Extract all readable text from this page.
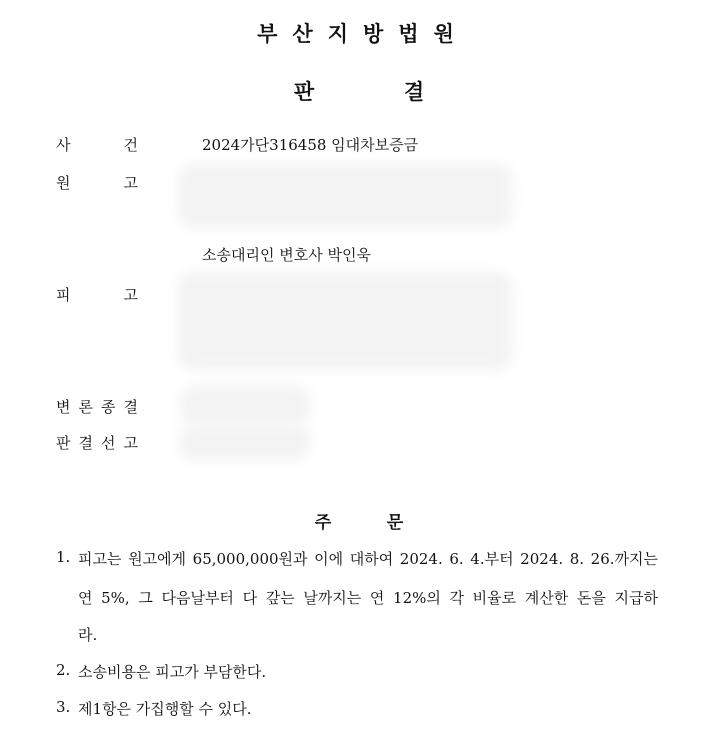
부산지방법원
판	결
사	건	2024가단316458 임대차보증금
원	고
소송대리인 변호사 박인욱
피	고
변 론 종 결
판 결 선 고
주	문
1. 피고는 원고에게 65,000,000원과 이에 대하여 2024. 6. 4.부터 2024. 8. 26.까지는
연 5%, 그 다음날부터 다 갚는 날까지는 연 12%의 각 비율로 계산한 돈을 지급하
라.
2. 소송비용은 피고가 부담한다.
3. 제1항은 가집행할 수 있다.
